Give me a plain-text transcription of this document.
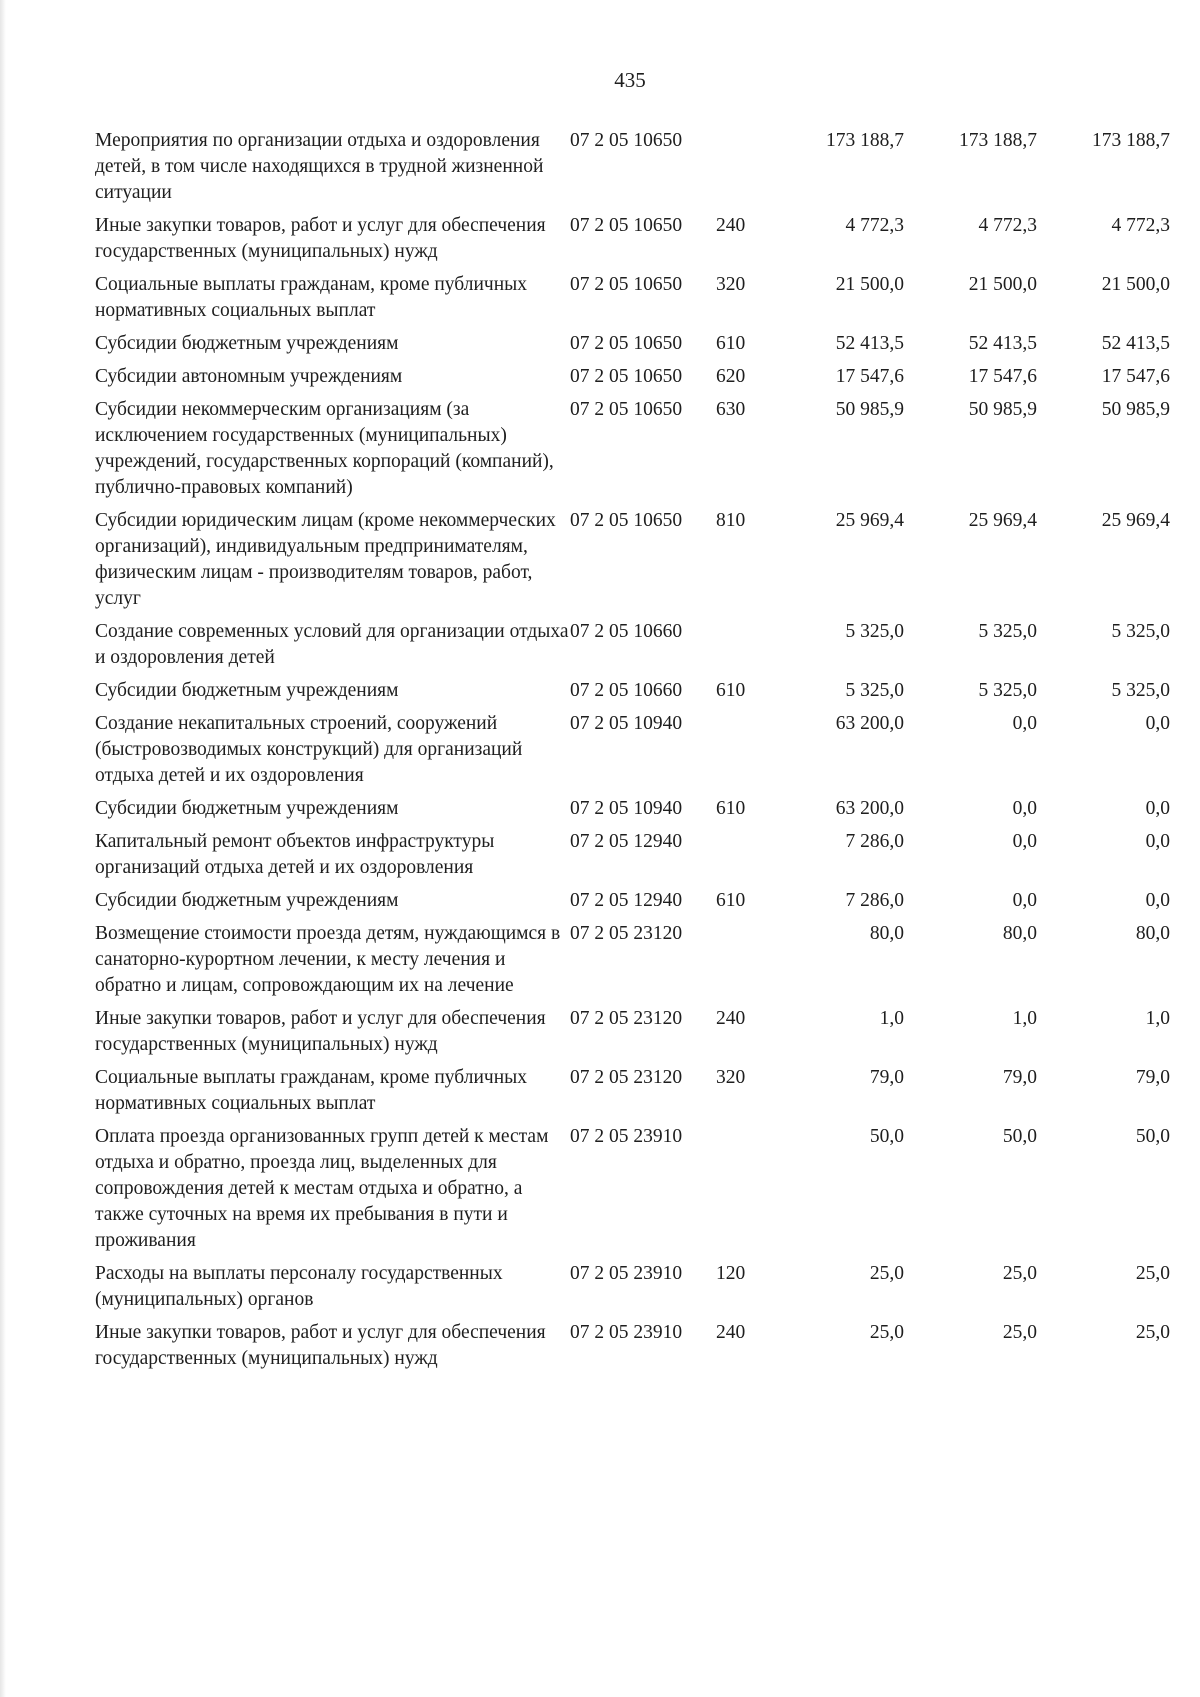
435
Мероприятия по организации отдыха и оздоровления детей, в том числе находящихся в трудной жизненной ситуации	07 2 05 10650		173 188,7	173 188,7	173 188,7
Иные закупки товаров, работ и услуг для обеспечения государственных (муниципальных) нужд	07 2 05 10650	240	4 772,3	4 772,3	4 772,3
Социальные выплаты гражданам, кроме публичных нормативных социальных выплат	07 2 05 10650	320	21 500,0	21 500,0	21 500,0
Субсидии бюджетным учреждениям	07 2 05 10650	610	52 413,5	52 413,5	52 413,5
Субсидии автономным учреждениям	07 2 05 10650	620	17 547,6	17 547,6	17 547,6
Субсидии некоммерческим организациям (за исключением государственных (муниципальных) учреждений, государственных корпораций (компаний), публично-правовых компаний)	07 2 05 10650	630	50 985,9	50 985,9	50 985,9
Субсидии юридическим лицам (кроме некоммерческих организаций), индивидуальным предпринимателям, физическим лицам - производителям товаров, работ, услуг	07 2 05 10650	810	25 969,4	25 969,4	25 969,4
Создание современных условий для организации отдыха и оздоровления детей	07 2 05 10660		5 325,0	5 325,0	5 325,0
Субсидии бюджетным учреждениям	07 2 05 10660	610	5 325,0	5 325,0	5 325,0
Создание некапитальных строений, сооружений (быстровозводимых конструкций) для организаций отдыха детей и их оздоровления	07 2 05 10940		63 200,0	0,0	0,0
Субсидии бюджетным учреждениям	07 2 05 10940	610	63 200,0	0,0	0,0
Капитальный ремонт объектов инфраструктуры организаций отдыха детей и их оздоровления	07 2 05 12940		7 286,0	0,0	0,0
Субсидии бюджетным учреждениям	07 2 05 12940	610	7 286,0	0,0	0,0
Возмещение стоимости проезда детям, нуждающимся в санаторно-курортном лечении, к месту лечения и обратно и лицам, сопровождающим их на лечение	07 2 05 23120		80,0	80,0	80,0
Иные закупки товаров, работ и услуг для обеспечения государственных (муниципальных) нужд	07 2 05 23120	240	1,0	1,0	1,0
Социальные выплаты гражданам, кроме публичных нормативных социальных выплат	07 2 05 23120	320	79,0	79,0	79,0
Оплата проезда организованных групп детей к местам отдыха и обратно, проезда лиц, выделенных для сопровождения детей к местам отдыха и обратно, а также суточных на время их пребывания в пути и проживания	07 2 05 23910		50,0	50,0	50,0
Расходы на выплаты персоналу государственных (муниципальных) органов	07 2 05 23910	120	25,0	25,0	25,0
Иные закупки товаров, работ и услуг для обеспечения государственных (муниципальных) нужд	07 2 05 23910	240	25,0	25,0	25,0
